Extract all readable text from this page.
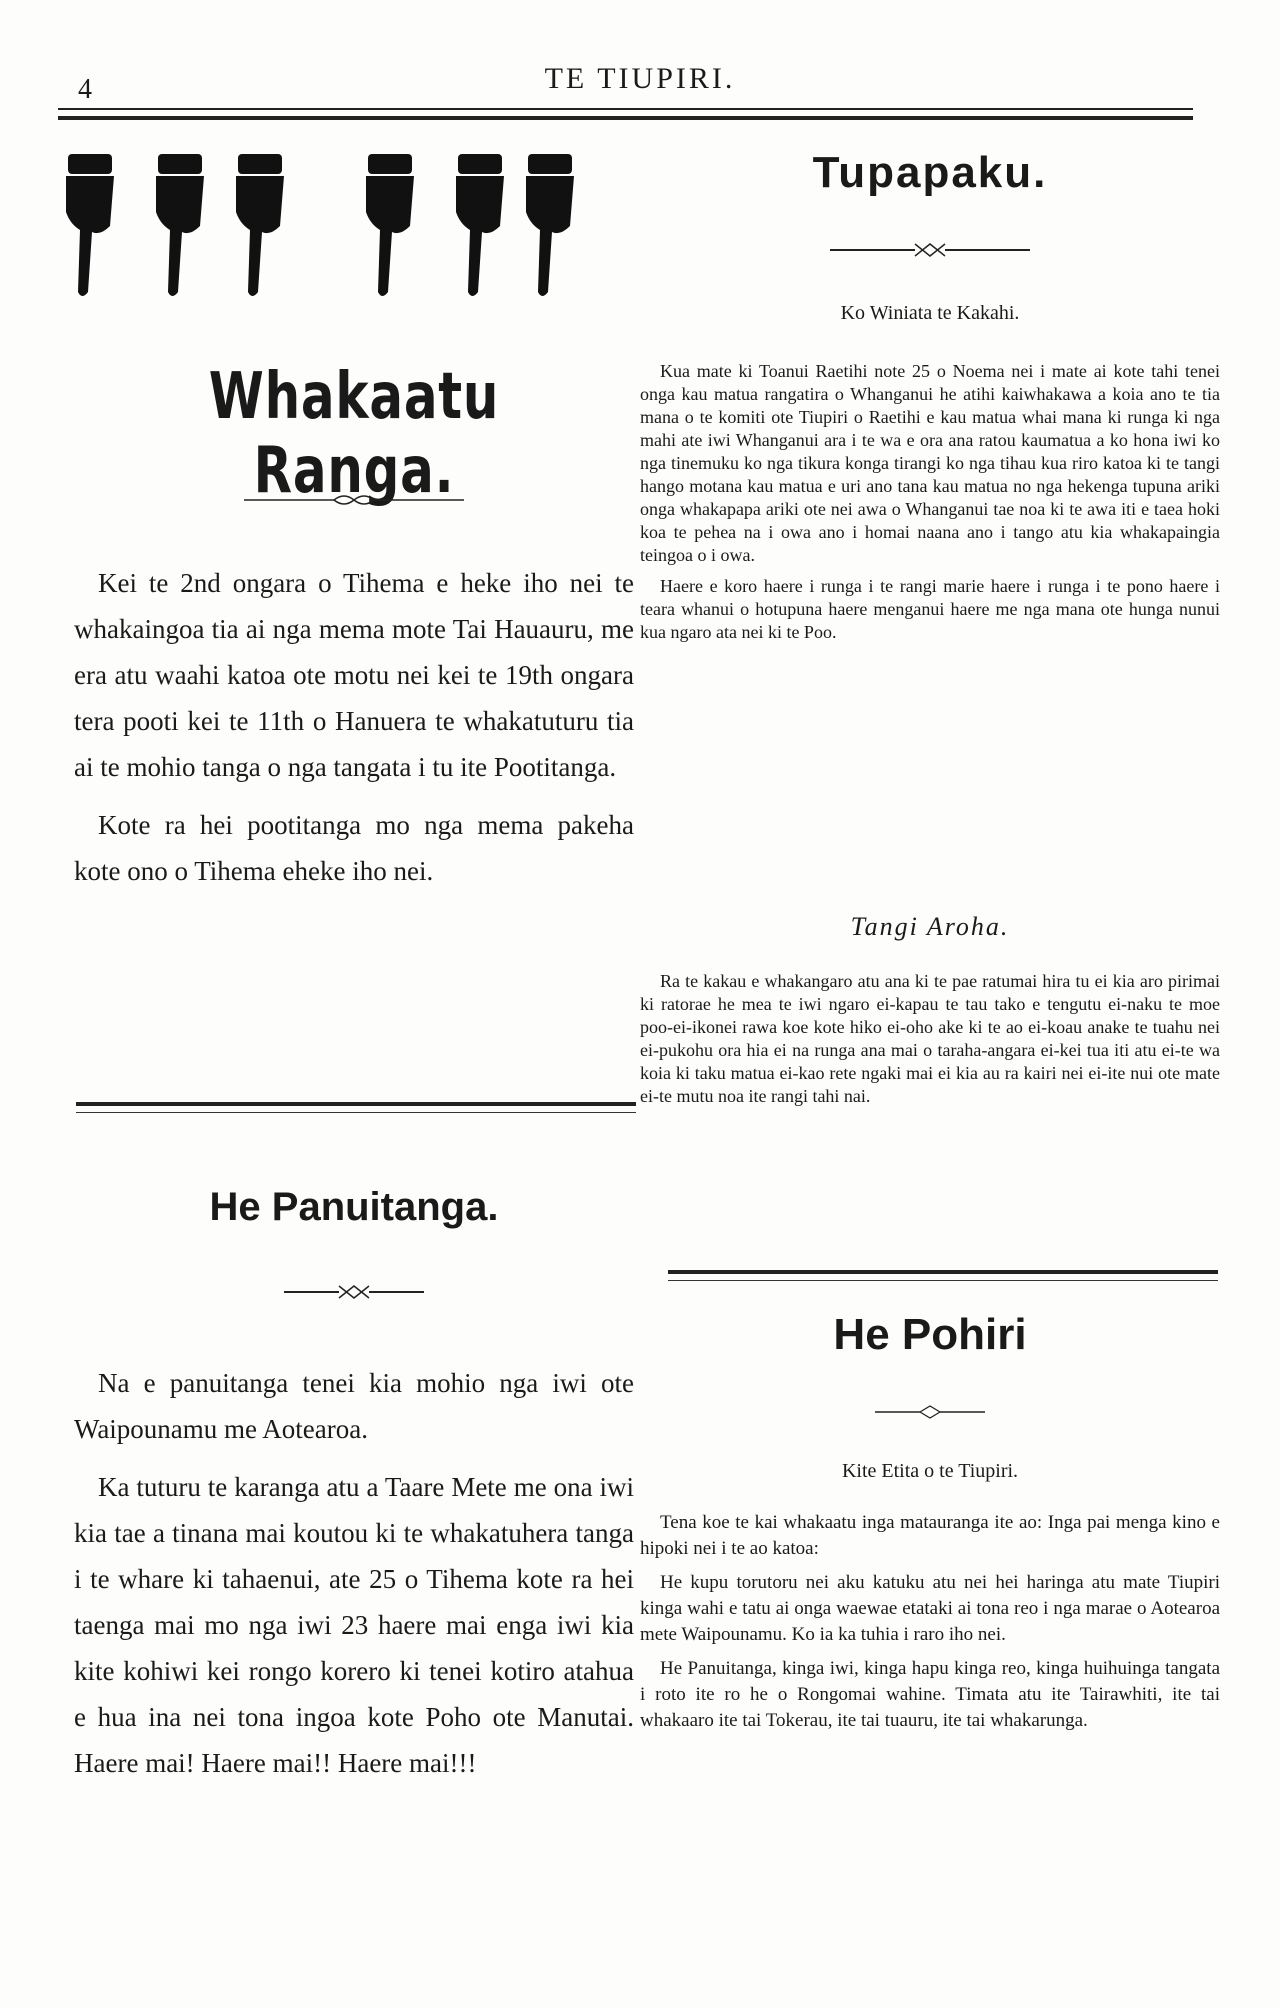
4	TE TIUPIRI.
Whakaatu Ranga.

Kei te 2nd ongara o Tihema e heke iho nei te whakaingoa tia ai nga mema mote Tai Hauauru, me era atu waahi katoa ote motu nei kei te 19th ongara tera pooti kei te 11th o Hanuera te whakatuturu tia ai te mohio tanga o nga tangata i tu ite Pootitanga.

Kote ra hei pootitanga mo nga mema pakeha kote ono o Tihema eheke iho nei.

He Panuitanga.

Na e panuitanga tenei kia mohio nga iwi ote Waipounamu me Aotearoa.

Ka tuturu te karanga atu a Taare Mete me ona iwi kia tae a tinana mai koutou ki te whakatuhera tanga i te whare ki tahaenui, ate 25 o Tihema kote ra hei taenga mai mo nga iwi 23 haere mai enga iwi kia kite kohiwi kei rongo korero ki tenei kotiro atahua e hua ina nei tona ingoa kote Poho ote Manutai. Haere mai! Haere mai!! Haere mai!!!

Tupapaku.
Ko Winiata te Kakahi.

Kua mate ki Toanui Raetihi note 25 o Noema nei i mate ai kote tahi tenei onga kau matua rangatira o Whanganui he atihi kaiwhakawa a koia ano te tia mana o te komiti ote Tiupiri o Raetihi e kau matua whai mana ki runga ki nga mahi ate iwi Whanganui ara i te wa e ora ana ratou kaumatua a ko hona iwi ko nga tinemuku ko nga tikura konga tirangi ko nga tihau kua riro katoa ki te tangi hango motana kau matua e uri ano tana kau matua no nga hekenga tupuna ariki onga whakapapa ariki ote nei awa o Whanganui tae noa ki te awa iti e taea hoki koa te pehea na i owa ano i homai naana ano i tango atu kia whakapaingia teingoa o i owa.

Haere e koro haere i runga i te rangi marie haere i runga i te pono haere i teara whanui o hotupuna haere menganui haere me nga mana ote hunga nunui kua ngaro ata nei ki te Poo.

Tangi Aroha.

Ra te kakau e whakangaro atu ana ki te pae ratumai hira tu ei kia aro pirimai ki ratorae he mea te iwi ngaro ei-kapau te tau tako e tengutu ei-naku te moe poo-ei-ikonei rawa koe kote hiko ei-oho ake ki te ao ei-koau anake te tuahu nei ei-pukohu ora hia ei na runga ana mai o taraha-angara ei-kei tua iti atu ei-te wa koia ki taku matua ei-kao rete ngaki mai ei kia au ra kairi nei ei-ite nui ote mate ei-te mutu noa ite rangi tahi nai.

He Pohiri
Kite Etita o te Tiupiri.

Tena koe te kai whakaatu inga matauranga ite ao: Inga pai menga kino e hipoki nei i te ao katoa:

He kupu torutoru nei aku katuku atu nei hei haringa atu mate Tiupiri kinga wahi e tatu ai onga waewae etataki ai tona reo i nga marae o Aotearoa mete Waipounamu. Ko ia ka tuhia i raro iho nei.

He Panuitanga, kinga iwi, kinga hapu kinga reo, kinga huihuinga tangata i roto ite ro he o Rongomai wahine. Timata atu ite Tairawhiti, ite tai whakaaro ite tai Tokerau, ite tai tuauru, ite tai whakarunga.
